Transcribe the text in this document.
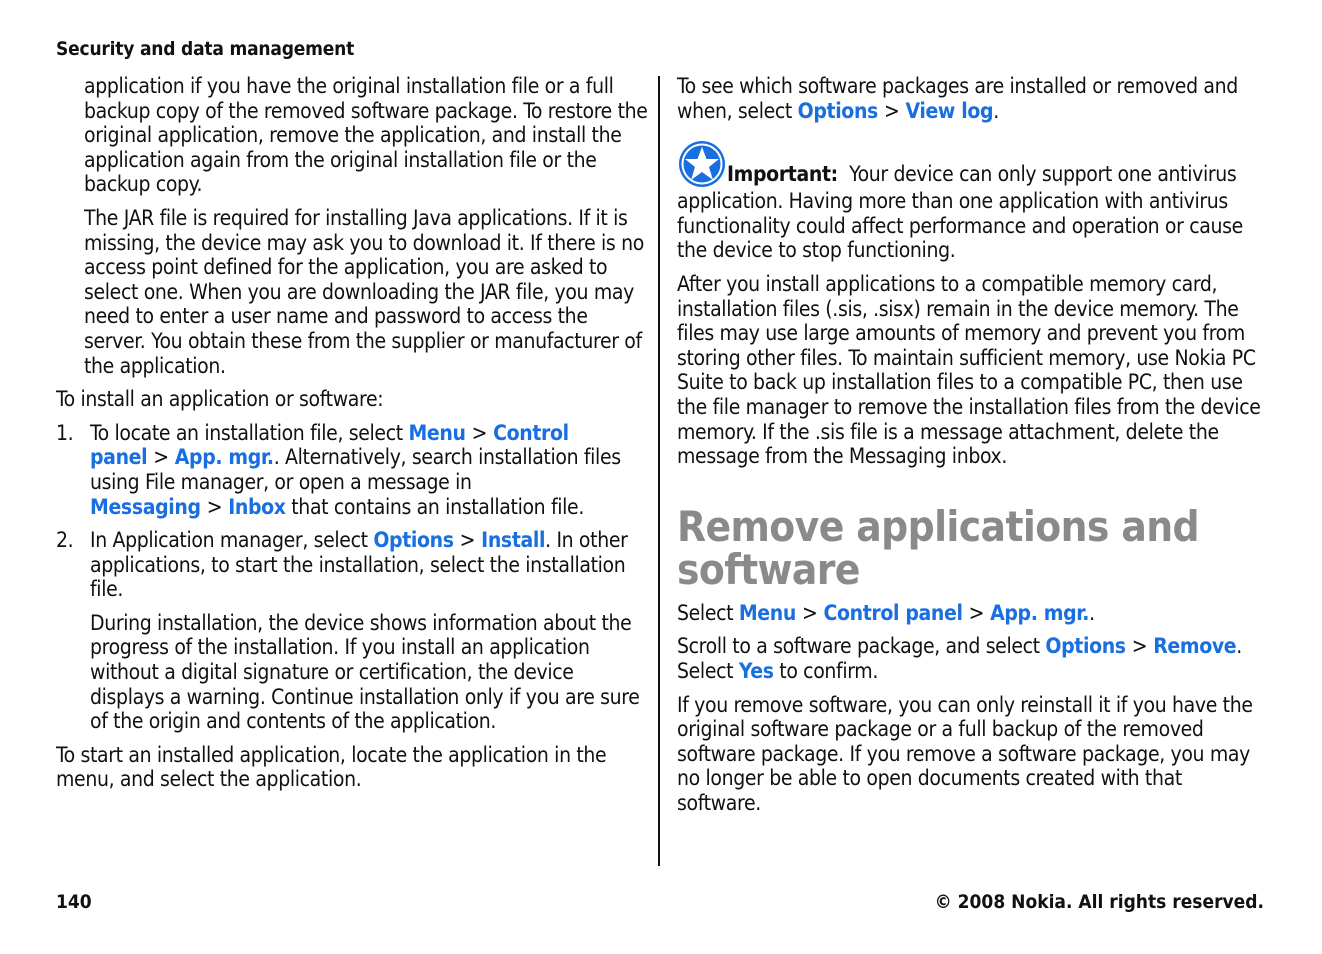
Security and data management

application if you have the original installation file or a full backup copy of the removed software package. To restore the original application, remove the application, and install the application again from the original installation file or the backup copy.

The JAR file is required for installing Java applications. If it is missing, the device may ask you to download it. If there is no access point defined for the application, you are asked to select one. When you are downloading the JAR file, you may need to enter a user name and password to access the server. You obtain these from the supplier or manufacturer of the application.

To install an application or software:

1. To locate an installation file, select Menu > Control panel > App. mgr.. Alternatively, search installation files using File manager, or open a message in Messaging > Inbox that contains an installation file.

2. In Application manager, select Options > Install. In other applications, to start the installation, select the installation file.

During installation, the device shows information about the progress of the installation. If you install an application without a digital signature or certification, the device displays a warning. Continue installation only if you are sure of the origin and contents of the application.

To start an installed application, locate the application in the menu, and select the application.

To see which software packages are installed or removed and when, select Options > View log.

Important:  Your device can only support one antivirus application. Having more than one application with antivirus functionality could affect performance and operation or cause the device to stop functioning.

After you install applications to a compatible memory card, installation files (.sis, .sisx) remain in the device memory. The files may use large amounts of memory and prevent you from storing other files. To maintain sufficient memory, use Nokia PC Suite to back up installation files to a compatible PC, then use the file manager to remove the installation files from the device memory. If the .sis file is a message attachment, delete the message from the Messaging inbox.

Remove applications and software

Select Menu > Control panel > App. mgr..

Scroll to a software package, and select Options > Remove. Select Yes to confirm.

If you remove software, you can only reinstall it if you have the original software package or a full backup of the removed software package. If you remove a software package, you may no longer be able to open documents created with that software.

140	© 2008 Nokia. All rights reserved.
